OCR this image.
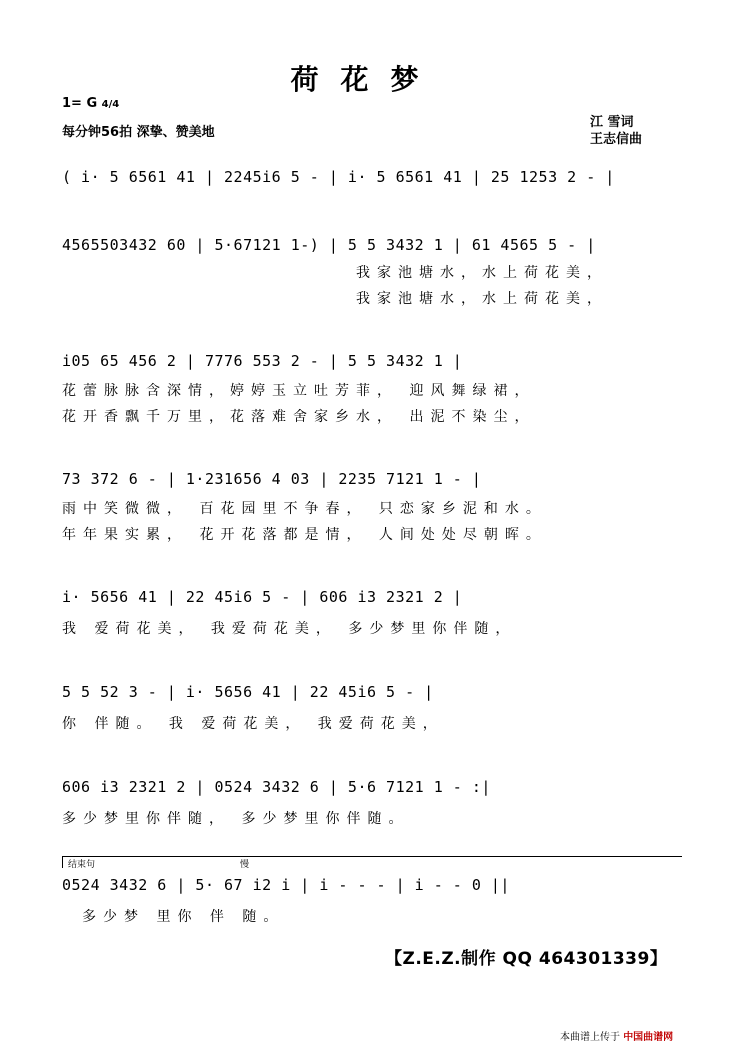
荷花梦
1= G 4/4
每分钟56拍 深挚、赞美地
江 雪词
王志信曲
( i· 5 6561 41 | 2245i6 5 - | i· 5 6561 41 | 25 1253 2 - |
4565503432 60 | 5·67121 1-) | 5 5 3432 1 | 61 4565 5 - |
我家池塘水，水上荷花美，
我家池塘水，水上荷花美，
i05 65 456 2 | 7776 553 2 - | 5 5 3432 1 |
花蕾脉脉含深情，婷婷玉立吐芳菲， 迎风舞绿裙，
花开香飘千万里，花落难舍家乡水， 出泥不染尘，
73 372 6 - | 1·231656 4 03 | 2235 7121 1 - |
雨中笑微微， 百花园里不争春， 只恋家乡泥和水。
年年果实累， 花开花落都是情， 人间处处尽朝晖。
i· 5656 41 | 22 45i6 5 - | 606 i3 2321 2 |
我 爱荷花美， 我爱荷花美， 多少梦里你伴随，
5 5 52 3 - | i· 5656 41 | 22 45i6 5 - |
你 伴随。 我 爱荷花美， 我爱荷花美，
606 i3 2321 2 | 0524 3432 6 | 5·6 7121 1 - :|
多少梦里你伴随， 多少梦里你伴随。
结束句	慢
0524 3432 6 | 5· 67 i2 i | i - - - | i - - 0 ||
多少梦 里你 伴 随。
【Z.E.Z.制作 QQ 464301339】
本曲谱上传于 中国曲谱网
